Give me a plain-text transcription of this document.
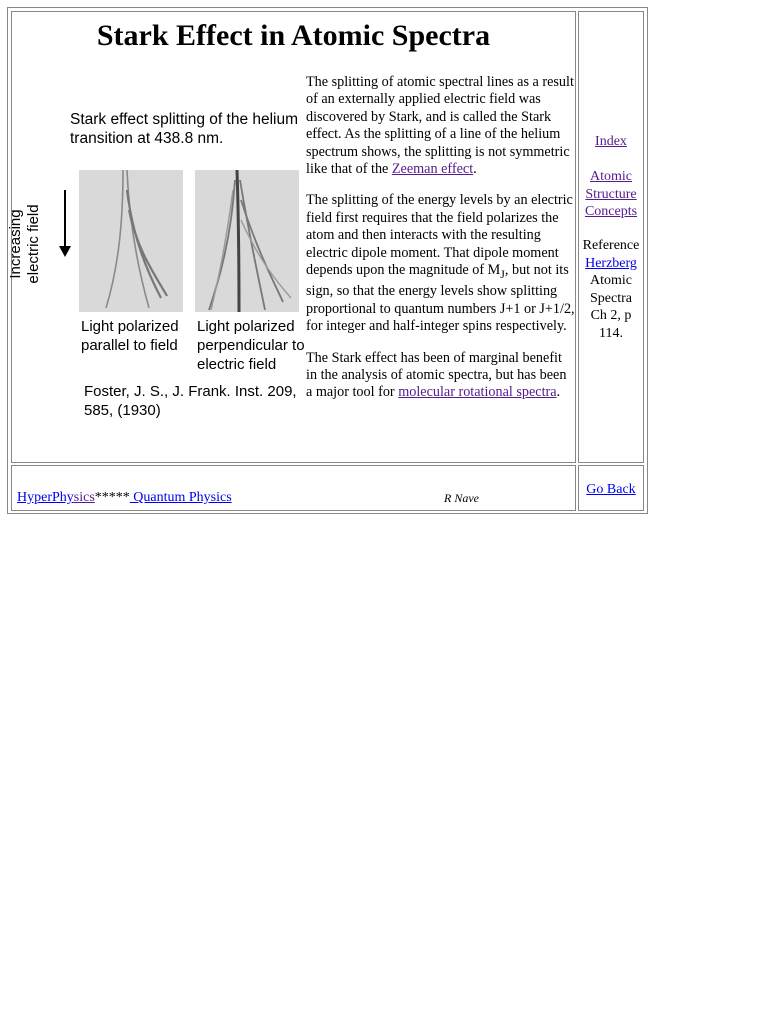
Stark Effect in Atomic Spectra
Stark effect splitting of the helium transition at 438.8 nm.
Increasing electric field
Light polarized parallel to field
Light polarized perpendicular to electric field
Foster, J. S., J. Frank. Inst. 209, 585, (1930)

The splitting of atomic spectral lines as a result of an externally applied electric field was discovered by Stark, and is called the Stark effect. As the splitting of a line of the helium spectrum shows, the splitting is not symmetric like that of the Zeeman effect.

The splitting of the energy levels by an electric field first requires that the field polarizes the atom and then interacts with the resulting electric dipole moment. That dipole moment depends upon the magnitude of $M_J$, but not its sign, so that the energy levels show splitting proportional to quantum numbers J+1 or J+1/2, for integer and half-integer spins respectively.

The Stark effect has been of marginal benefit in the analysis of atomic spectra, but has been a major tool for molecular rotational spectra.

Index
Atomic
Structure
Concepts
Reference
Herzberg
Atomic
Spectra
Ch 2, p
114.
HyperPhysics***** Quantum Physics	R Nave
Go Back
